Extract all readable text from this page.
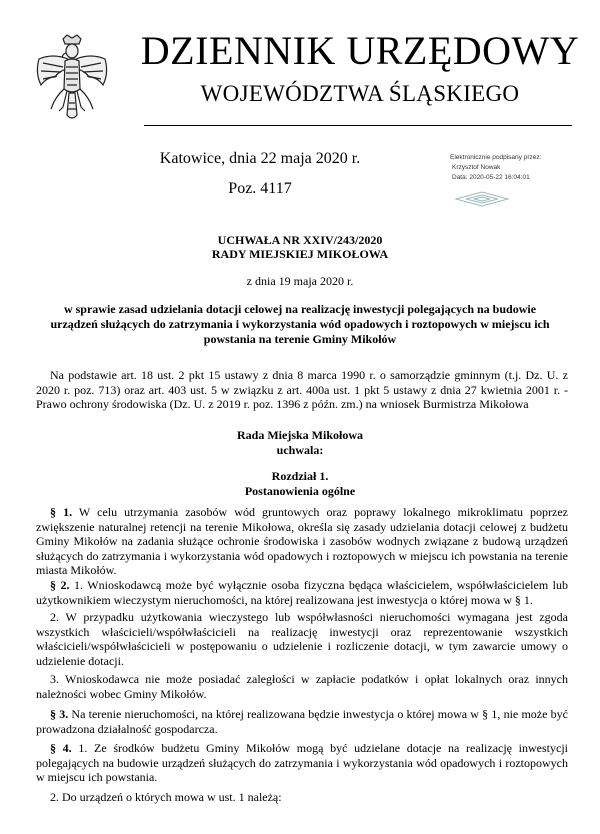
DZIENNIK URZĘDOWY
WOJEWÓDZTWA ŚLĄSKIEGO
Katowice, dnia 22 maja 2020 r.
Poz. 4117
Elektronicznie podpisany przez:
Krzysztof Nowak
Data: 2020-05-22 16:04:01
UCHWAŁA NR XXIV/243/2020
RADY MIEJSKIEJ MIKOŁOWA
z dnia 19 maja 2020 r.
w sprawie zasad udzielania dotacji celowej na realizację inwestycji polegających na budowie urządzeń służących do zatrzymania i wykorzystania wód opadowych i roztopowych w miejscu ich powstania na terenie Gminy Mikołów
Na podstawie art. 18 ust. 2 pkt 15 ustawy z dnia 8 marca 1990 r. o samorządzie gminnym (t.j. Dz. U. z 2020 r. poz. 713) oraz art. 403 ust. 5 w związku z art. 400a ust. 1 pkt 5 ustawy z dnia 27 kwietnia 2001 r. - Prawo ochrony środowiska (Dz. U. z 2019 r. poz. 1396 z późn. zm.) na wniosek Burmistrza Mikołowa
Rada Miejska Mikołowa
uchwala:
Rozdział 1.
Postanowienia ogólne
§ 1. W celu utrzymania zasobów wód gruntowych oraz poprawy lokalnego mikroklimatu poprzez zwiększenie naturalnej retencji na terenie Mikołowa, określa się zasady udzielania dotacji celowej z budżetu Gminy Mikołów na zadania służące ochronie środowiska i zasobów wodnych związane z budową urządzeń służących do zatrzymania i wykorzystania wód opadowych i roztopowych w miejscu ich powstania na terenie miasta Mikołów.
§ 2. 1. Wnioskodawcą może być wyłącznie osoba fizyczna będąca właścicielem, współwłaścicielem lub użytkownikiem wieczystym nieruchomości, na której realizowana jest inwestycja o której mowa w § 1.
2. W przypadku użytkowania wieczystego lub współwłasności nieruchomości wymagana jest zgoda wszystkich właścicieli/współwłaścicieli na realizację inwestycji oraz reprezentowanie wszystkich właścicieli/współwłaścicieli w postępowaniu o udzielenie i rozliczenie dotacji, w tym zawarcie umowy o udzielenie dotacji.
3. Wnioskodawca nie może posiadać zaległości w zapłacie podatków i opłat lokalnych oraz innych należności wobec Gminy Mikołów.
§ 3. Na terenie nieruchomości, na której realizowana będzie inwestycja o której mowa w § 1, nie może być prowadzona działalność gospodarcza.
§ 4. 1. Ze środków budżetu Gminy Mikołów mogą być udzielane dotacje na realizację inwestycji polegających na budowie urządzeń służących do zatrzymania i wykorzystania wód opadowych i roztopowych w miejscu ich powstania.
2. Do urządzeń o których mowa w ust. 1 należą:
